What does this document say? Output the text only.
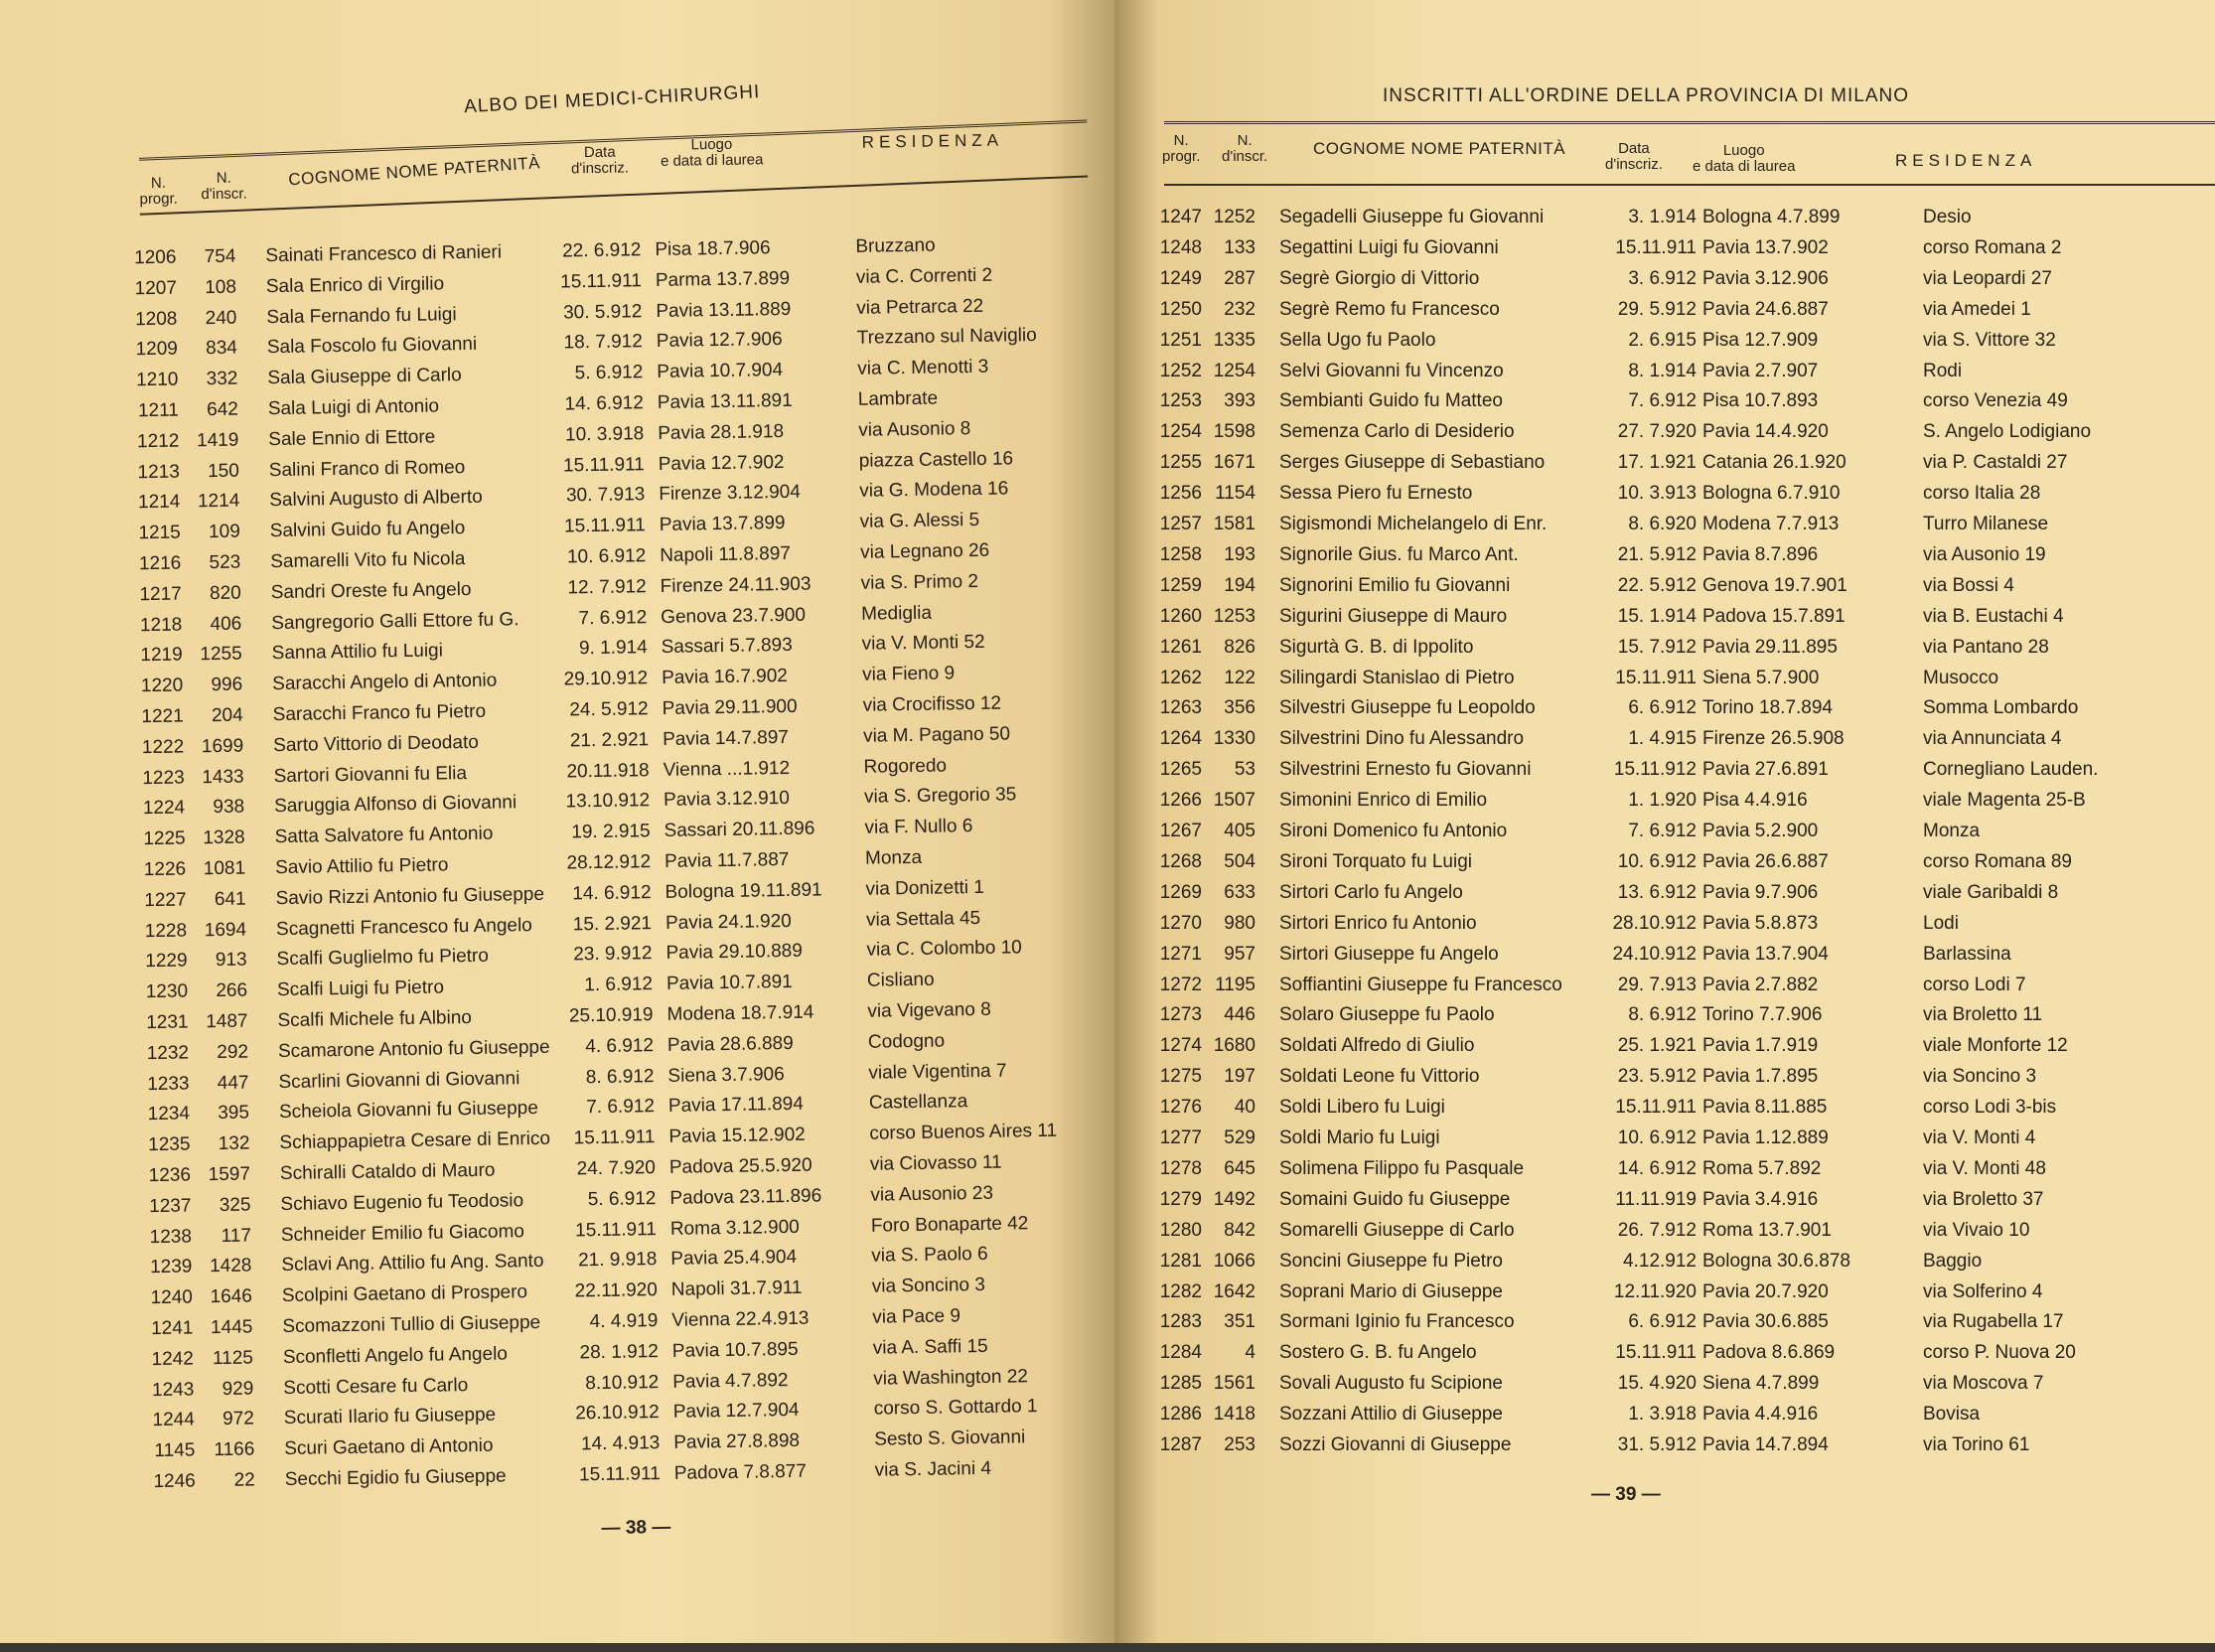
ALBO DEI MEDICI-CHIRURGHI
N.
progr.
N.
d'inscr.
COGNOME NOME PATERNITÀ
Data
d'inscriz.
Luogo
e data di laurea
RESIDENZA
1206	754 Sainati Francesco di Ranieri	22. 6.912 Pisa 18.7.906	Bruzzano
1207	108 Sala Enrico di Virgilio	15.11.911 Parma 13.7.899	via C. Correnti 2
1208	240 Sala Fernando fu Luigi	30. 5.912 Pavia 13.11.889	via Petrarca 22
1209	834 Sala Foscolo fu Giovanni	18. 7.912 Pavia 12.7.906	Trezzano sul Naviglio
1210	332 Sala Giuseppe di Carlo	5. 6.912 Pavia 10.7.904	via C. Menotti 3
1211	642 Sala Luigi di Antonio	14. 6.912 Pavia 13.11.891	Lambrate
1212 1419 Sale Ennio di Ettore	10. 3.918 Pavia 28.1.918	via Ausonio 8
1213	150 Salini Franco di Romeo	15.11.911 Pavia 12.7.902	piazza Castello 16
1214 1214 Salvini Augusto di Alberto	30. 7.913 Firenze 3.12.904	via G. Modena 16
1215	109 Salvini Guido fu Angelo	15.11.911 Pavia 13.7.899	via G. Alessi 5
1216	523 Samarelli Vito fu Nicola	10. 6.912 Napoli 11.8.897	via Legnano 26
1217	820 Sandri Oreste fu Angelo	12. 7.912 Firenze 24.11.903	via S. Primo 2
1218	406 Sangregorio Galli Ettore fu G.	7. 6.912 Genova 23.7.900	Mediglia
1219 1255 Sanna Attilio fu Luigi	9. 1.914 Sassari 5.7.893	via V. Monti 52
1220	996 Saracchi Angelo di Antonio	29.10.912 Pavia 16.7.902	via Fieno 9
1221	204 Saracchi Franco fu Pietro	24. 5.912 Pavia 29.11.900	via Crocifisso 12
1222 1699 Sarto Vittorio di Deodato	21. 2.921 Pavia 14.7.897	via M. Pagano 50
1223 1433 Sartori Giovanni fu Elia	20.11.918 Vienna ...1.912	Rogoredo
1224	938 Saruggia Alfonso di Giovanni	13.10.912 Pavia 3.12.910	via S. Gregorio 35
1225 1328 Satta Salvatore fu Antonio	19. 2.915 Sassari 20.11.896	via F. Nullo 6
1226 1081 Savio Attilio fu Pietro	28.12.912 Pavia 11.7.887	Monza
1227	641 Savio Rizzi Antonio fu Giuseppe	14. 6.912 Bologna 19.11.891 via Donizetti 1
1228 1694 Scagnetti Francesco fu Angelo	15. 2.921 Pavia 24.1.920	via Settala 45
1229	913 Scalfi Guglielmo fu Pietro	23. 9.912 Pavia 29.10.889	via C. Colombo 10
1230	266 Scalfi Luigi fu Pietro	1. 6.912 Pavia 10.7.891	Cisliano
1231 1487 Scalfi Michele fu Albino	25.10.919 Modena 18.7.914	via Vigevano 8
1232	292 Scamarone Antonio fu Giuseppe	4. 6.912 Pavia 28.6.889	Codogno
1233	447 Scarlini Giovanni di Giovanni	8. 6.912 Siena 3.7.906	viale Vigentina 7
1234	395 Scheiola Giovanni fu Giuseppe	7. 6.912 Pavia 17.11.894	Castellanza
1235	132 Schiappapietra Cesare di Enrico	15.11.911 Pavia 15.12.902	corso Buenos Aires 11
1236 1597 Schiralli Cataldo di Mauro	24. 7.920 Padova 25.5.920	via Ciovasso 11
1237	325 Schiavo Eugenio fu Teodosio	5. 6.912 Padova 23.11.896	via Ausonio 23
1238	117 Schneider Emilio fu Giacomo	15.11.911 Roma 3.12.900	Foro Bonaparte 42
1239 1428 Sclavi Ang. Attilio fu Ang. Santo	21. 9.918 Pavia 25.4.904	via S. Paolo 6
1240 1646 Scolpini Gaetano di Prospero	22.11.920 Napoli 31.7.911	via Soncino 3
1241 1445 Scomazzoni Tullio di Giuseppe	4. 4.919 Vienna 22.4.913	via Pace 9
1242 1125 Sconfletti Angelo fu Angelo	28. 1.912 Pavia 10.7.895	via A. Saffi 15
1243	929 Scotti Cesare fu Carlo	8.10.912 Pavia 4.7.892	via Washington 22
1244	972 Scurati Ilario fu Giuseppe	26.10.912 Pavia 12.7.904	corso S. Gottardo 1
1145 1166 Scuri Gaetano di Antonio	14. 4.913 Pavia 27.8.898	Sesto S. Giovanni
1246	22 Secchi Egidio fu Giuseppe	15.11.911 Padova 7.8.877	via S. Jacini 4
— 38 —
INSCRITTI ALL'ORDINE DELLA PROVINCIA DI MILANO
N.
progr.
N.
d'inscr.	COGNOME NOME PATERNITÀ	Data
d'inscriz.
Luogo
e data di laurea	RESIDENZA
1247 1252 Segadelli Giuseppe fu Giovanni	3. 1.914 Bologna 4.7.899	Desio
1248	133 Segattini Luigi fu Giovanni	15.11.911 Pavia 13.7.902	corso Romana 2
1249	287 Segrè Giorgio di Vittorio	3. 6.912 Pavia 3.12.906	via Leopardi 27
1250	232 Segrè Remo fu Francesco	29. 5.912 Pavia 24.6.887	via Amedei 1
1251 1335 Sella Ugo fu Paolo	2. 6.915 Pisa 12.7.909	via S. Vittore 32
1252 1254 Selvi Giovanni fu Vincenzo	8. 1.914 Pavia 2.7.907	Rodi
1253	393 Sembianti Guido fu Matteo	7. 6.912 Pisa 10.7.893	corso Venezia 49
1254 1598 Semenza Carlo di Desiderio	27. 7.920 Pavia 14.4.920	S. Angelo Lodigiano
1255 1671 Serges Giuseppe di Sebastiano	17. 1.921 Catania 26.1.920	via P. Castaldi 27
1256 1154 Sessa Piero fu Ernesto	10. 3.913 Bologna 6.7.910	corso Italia 28
1257 1581 Sigismondi Michelangelo di Enr.	8. 6.920 Modena 7.7.913	Turro Milanese
1258	193 Signorile Gius. fu Marco Ant.	21. 5.912 Pavia 8.7.896	via Ausonio 19
1259	194 Signorini Emilio fu Giovanni	22. 5.912 Genova 19.7.901	via Bossi 4
1260 1253 Sigurini Giuseppe di Mauro	15. 1.914 Padova 15.7.891	via B. Eustachi 4
1261	826 Sigurtà G. B. di Ippolito	15. 7.912 Pavia 29.11.895	via Pantano 28
1262	122 Silingardi Stanislao di Pietro	15.11.911 Siena 5.7.900	Musocco
1263	356 Silvestri Giuseppe fu Leopoldo	6. 6.912 Torino 18.7.894	Somma Lombardo
1264 1330 Silvestrini Dino fu Alessandro	1. 4.915 Firenze 26.5.908	via Annunciata 4
1265	53 Silvestrini Ernesto fu Giovanni	15.11.912 Pavia 27.6.891	Cornegliano Lauden.
1266 1507 Simonini Enrico di Emilio	1. 1.920 Pisa 4.4.916	viale Magenta 25-B
1267	405 Sironi Domenico fu Antonio	7. 6.912 Pavia 5.2.900	Monza
1268	504 Sironi Torquato fu Luigi	10. 6.912 Pavia 26.6.887	corso Romana 89
1269	633 Sirtori Carlo fu Angelo	13. 6.912 Pavia 9.7.906	viale Garibaldi 8
1270	980 Sirtori Enrico fu Antonio	28.10.912 Pavia 5.8.873	Lodi
1271	957 Sirtori Giuseppe fu Angelo	24.10.912 Pavia 13.7.904	Barlassina
1272 1195 Soffiantini Giuseppe fu Francesco	29. 7.913 Pavia 2.7.882	corso Lodi 7
1273	446 Solaro Giuseppe fu Paolo	8. 6.912 Torino 7.7.906	via Broletto 11
1274 1680 Soldati Alfredo di Giulio	25. 1.921 Pavia 1.7.919	viale Monforte 12
1275	197 Soldati Leone fu Vittorio	23. 5.912 Pavia 1.7.895	via Soncino 3
1276	40 Soldi Libero fu Luigi	15.11.911 Pavia 8.11.885	corso Lodi 3-bis
1277	529 Soldi Mario fu Luigi	10. 6.912 Pavia 1.12.889	via V. Monti 4
1278	645 Solimena Filippo fu Pasquale	14. 6.912 Roma 5.7.892	via V. Monti 48
1279 1492 Somaini Guido fu Giuseppe	11.11.919 Pavia 3.4.916	via Broletto 37
1280	842 Somarelli Giuseppe di Carlo	26. 7.912 Roma 13.7.901	via Vivaio 10
1281 1066 Soncini Giuseppe fu Pietro	4.12.912 Bologna 30.6.878	Baggio
1282 1642 Soprani Mario di Giuseppe	12.11.920 Pavia 20.7.920	via Solferino 4
1283	351 Sormani Iginio fu Francesco	6. 6.912 Pavia 30.6.885	via Rugabella 17
1284	4 Sostero G. B. fu Angelo	15.11.911 Padova 8.6.869	corso P. Nuova 20
1285 1561 Sovali Augusto fu Scipione	15. 4.920 Siena 4.7.899	via Moscova 7
1286 1418 Sozzani Attilio di Giuseppe	1. 3.918 Pavia 4.4.916	Bovisa
1287	253 Sozzi Giovanni di Giuseppe	31. 5.912 Pavia 14.7.894	via Torino 61
— 39 —
